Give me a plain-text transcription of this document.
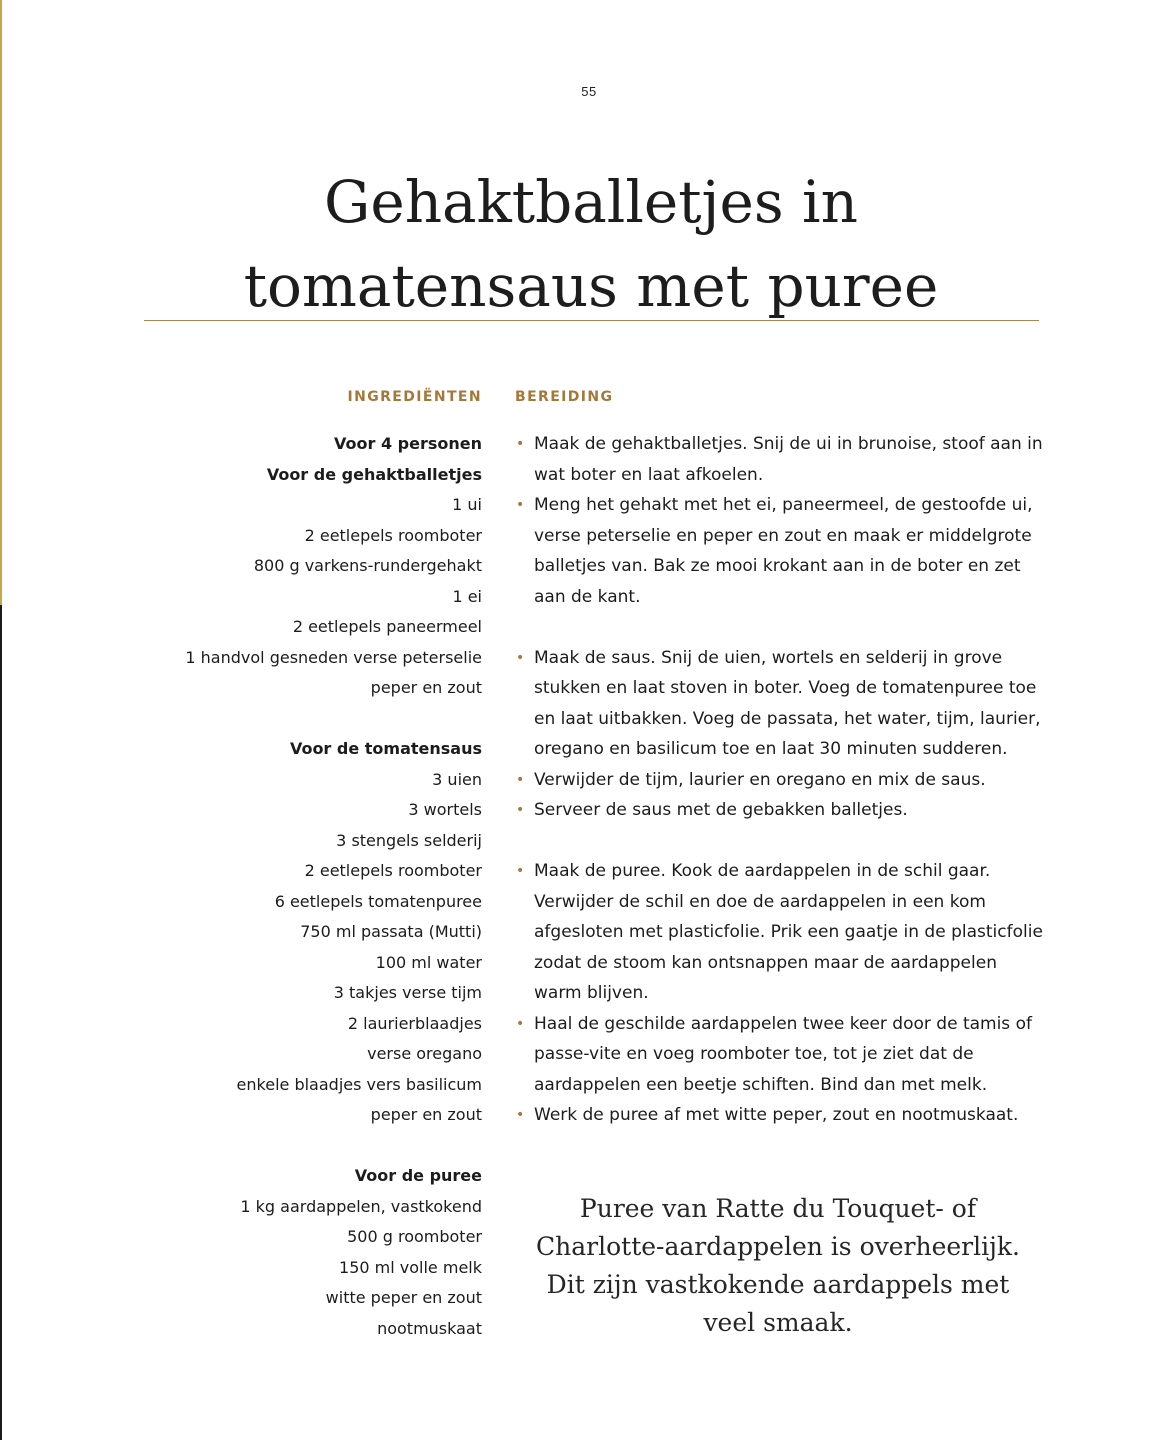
55
Gehaktballetjes in
tomatensaus met puree
INGREDIËNTEN BEREIDING
Voor 4 personen
Voor de gehaktballetjes
1 ui
2 eetlepels roomboter
800 g varkens-rundergehakt
1 ei
2 eetlepels paneermeel
1 handvol gesneden verse peterselie
peper en zout
Voor de tomatensaus
3 uien
3 wortels
3 stengels selderij
2 eetlepels roomboter
6 eetlepels tomatenpuree
750 ml passata (Mutti)
100 ml water
3 takjes verse tijm
2 laurierblaadjes
verse oregano
enkele blaadjes vers basilicum
peper en zout
Voor de puree
1 kg aardappelen, vastkokend
500 g roomboter
150 ml volle melk
witte peper en zout
nootmuskaat
• Maak de gehaktballetjes. Snij de ui in brunoise, stoof aan in wat boter en laat afkoelen.
• Meng het gehakt met het ei, paneermeel, de gestoofde ui, verse peterselie en peper en zout en maak er middelgrote balletjes van. Bak ze mooi krokant aan in de boter en zet aan de kant.
• Maak de saus. Snij de uien, wortels en selderij in grove stukken en laat stoven in boter. Voeg de tomatenpuree toe en laat uitbakken. Voeg de passata, het water, tijm, laurier, oregano en basilicum toe en laat 30 minuten sudderen.
• Verwijder de tijm, laurier en oregano en mix de saus.
• Serveer de saus met de gebakken balletjes.
• Maak de puree. Kook de aardappelen in de schil gaar. Verwijder de schil en doe de aardappelen in een kom afgesloten met plasticfolie. Prik een gaatje in de plasticfolie zodat de stoom kan ontsnappen maar de aardappelen warm blijven.
• Haal de geschilde aardappelen twee keer door de tamis of passe-vite en voeg roomboter toe, tot je ziet dat de aardappelen een beetje schiften. Bind dan met melk.
• Werk de puree af met witte peper, zout en nootmuskaat.
Puree van Ratte du Touquet- of Charlotte-aardappelen is overheerlijk. Dit zijn vastkokende aardappels met veel smaak.
